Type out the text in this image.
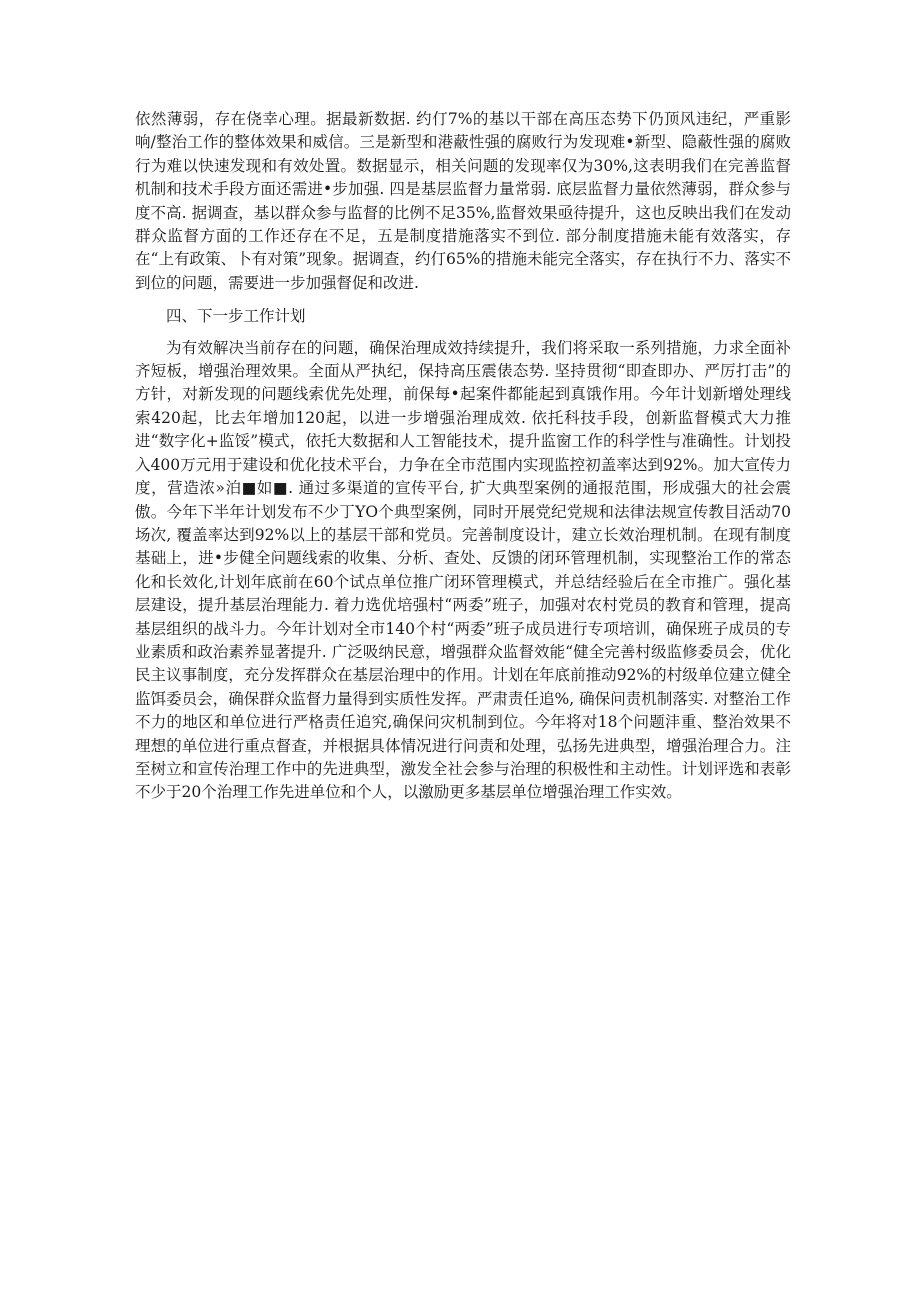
依然薄弱，存在侥幸心理。据最新数据. 约仃7%的基以干部在高压态势下仍顶风违纪，严重影响/整治工作的整体效果和威信。三是新型和港蔽性强的腐败行为发现难•新型、隐蔽性强的腐败行为难以快速发现和有效处置。数据显示，相关问题的发现率仅为30%,这表明我们在完善监督机制和技术手段方面还需进•步加强. 四是基层监督力量常弱. 底层监督力量依然薄弱，群众参与度不高. 据调查，基以群众参与监督的比例不足35%,监督效果亟待提升，这也反映出我们在发动群众监督方面的工作还存在不足，五是制度措施落实不到位. 部分制度措施未能有效落实，存在“上有政策、卜有对策”现象。据调查，约仃65%的措施未能完全落实，存在执行不力、落实不到位的问题，需要进一步加强督促和改进.

四、下一步工作计划

为有效解决当前存在的问题，确保治理成效持续提升，我们将采取一系列措施，力求全面补齐短板，增强治理效果。全面从严执纪，保持高压震俵态势. 坚持贯彻“即查即办、严厉打击”的方针，对新发现的问题线索优先处理，前保每•起案件都能起到真饿作用。今年计划新增处理线索420起，比去年增加120起，以进一步增强治理成效. 依托科技手段，创新监督模式大力推进“数字化+监馁”模式，依托大数据和人工智能技术，提升监窗工作的科学性与准确性。计划投入400万元用于建设和优化技术平台，力争在全市范围内实现监控初盖率达到92%。加大宣传力度，营造浓»泊■如■. 通过多渠道的宣传平台, 扩大典型案例的通报范围，形成强大的社会震傲。今年下半年计划发布不少丁YO个典型案例，同时开展党纪党规和法律法规宣传教目活动70场次, 覆盖率达到92%以上的基层干部和党员。完善制度设计，建立长效治理机制。在现有制度基础上，进•步健全问题线索的收集、分析、查处、反馈的闭环管理机制，实现整治工作的常态化和长效化,计划年底前在60个试点单位推广闭环管理模式，并总结经验后在全市推广。强化基层建设，提升基层治理能力. 着力选优培强村“两委”班子，加强对农村党员的教育和管理，提高基层组织的战斗力。今年计划对全市140个村“两委”班子成员进行专项培训，确保班子成员的专业素质和政治素养显著提升. 广泛吸纳民意，增强群众监督效能“健全完善村级监修委员会，优化民主议事制度，充分发挥群众在基层治理中的作用。计划在年底前推动92%的村级单位建立健全监饵委员会，确保群众监督力量得到实质性发挥。严肃责任追%, 确保问责机制落实. 对整治工作不力的地区和单位进行严格责任追究,确保问灾机制到位。今年将对18个问题沣重、整治效果不理想的单位进行重点督查，并根据具体情况进行问责和处理，弘扬先进典型，增强治理合力。注至树立和宣传治理工作中的先进典型，激发全社会参与治理的积极性和主动性。计划评选和表彰不少于20个治理工作先进单位和个人，以激励更多基层单位增强治理工作实效。
